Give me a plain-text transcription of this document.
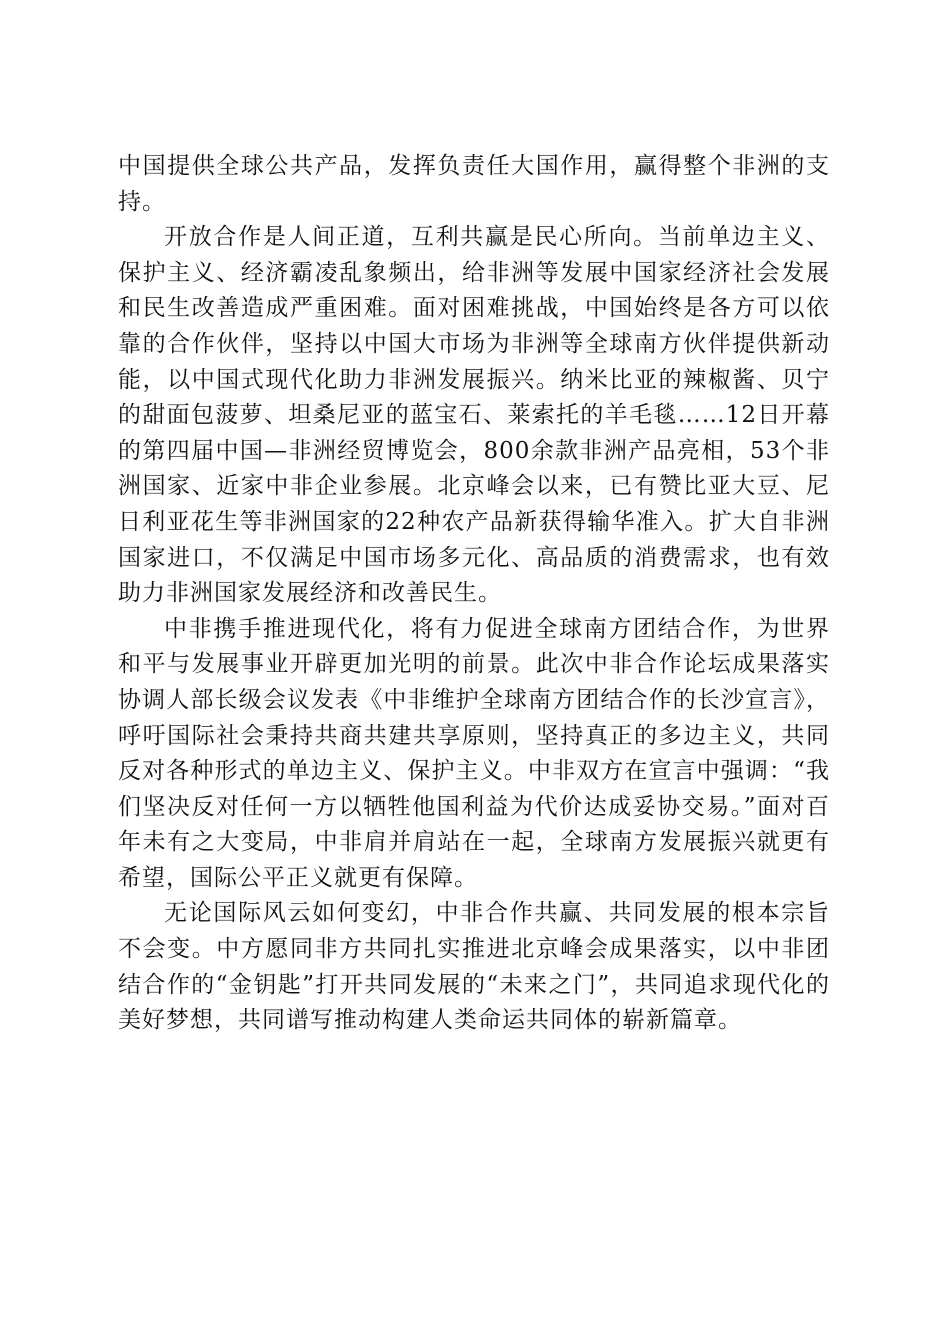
中国提供全球公共产品，发挥负责任大国作用，赢得整个非洲的支持。

开放合作是人间正道，互利共赢是民心所向。当前单边主义、保护主义、经济霸凌乱象频出，给非洲等发展中国家经济社会发展和民生改善造成严重困难。面对困难挑战，中国始终是各方可以依靠的合作伙伴，坚持以中国大市场为非洲等全球南方伙伴提供新动能，以中国式现代化助力非洲发展振兴。纳米比亚的辣椒酱、贝宁的甜面包菠萝、坦桑尼亚的蓝宝石、莱索托的羊毛毯……12日开幕的第四届中国—非洲经贸博览会，800余款非洲产品亮相，53个非洲国家、近家中非企业参展。北京峰会以来，已有赞比亚大豆、尼日利亚花生等非洲国家的22种农产品新获得输华准入。扩大自非洲国家进口，不仅满足中国市场多元化、高品质的消费需求，也有效助力非洲国家发展经济和改善民生。

中非携手推进现代化，将有力促进全球南方团结合作，为世界和平与发展事业开辟更加光明的前景。此次中非合作论坛成果落实协调人部长级会议发表《中非维护全球南方团结合作的长沙宣言》，呼吁国际社会秉持共商共建共享原则，坚持真正的多边主义，共同反对各种形式的单边主义、保护主义。中非双方在宣言中强调：“我们坚决反对任何一方以牺牲他国利益为代价达成妥协交易。”面对百年未有之大变局，中非肩并肩站在一起，全球南方发展振兴就更有希望，国际公平正义就更有保障。

无论国际风云如何变幻，中非合作共赢、共同发展的根本宗旨不会变。中方愿同非方共同扎实推进北京峰会成果落实，以中非团结合作的“金钥匙”打开共同发展的“未来之门”，共同追求现代化的美好梦想，共同谱写推动构建人类命运共同体的崭新篇章。
